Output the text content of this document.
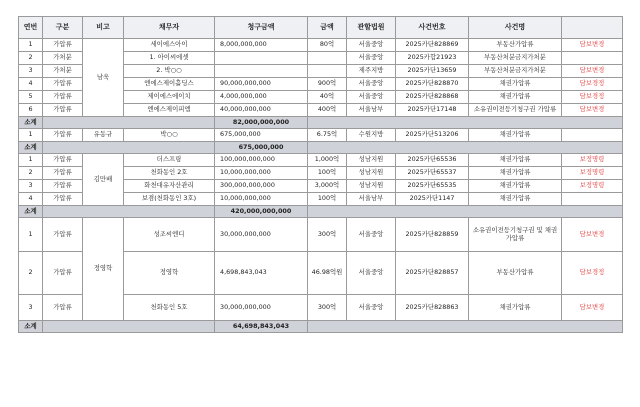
연번	구분	비고	채무자	청구금액	금액	관할법원	사건번호	사건명	
1	가압류	남욱	세이에스아이	8,000,000,000	80억	서울중앙	2025카단828869	부동산가압류	담보변경
2	가처분		1. 아이씨에셋			서울중앙	2025카합21923	부동산처분금지가처분	
3	가처분		2. 박○○			제주지방	2025카단13659	부동산처분금지가처분	담보변경
4	가압류		엔에스제이홀딩스	90,000,000,000	900억	서울중앙	2025카단828870	채권가압류	담보경정
5	가압류		제이에스에이치	4,000,000,000	40억	서울중앙	2025카단828868	채권가압류	담보경정
6	가압류		엔에스제이피엠	40,000,000,000	400억	서울남부	2025카단17148	소유권이전등기청구권 가압류	담보변경
소계				82,000,000,000					
1	가압류	유동규	박○○	675,000,000	6.75억	수원지방	2025카단513206	채권가압류	
소계				675,000,000					
1	가압류	김만배	더스프링	100,000,000,000	1,000억	성남지원	2025카단65536	채권가압류	보정명령
2	가압류		천화동인 2호	10,000,000,000	100억	성남지원	2025카단65537	채권가압류	보정명령
3	가압류		화천대유자산관리	300,000,000,000	3,000억	성남지원	2025카단65535	채권가압류	보정명령
4	가압류		보겸(천화동인 3호)	10,000,000,000	100억	서울남부	2025카단1147	채권가압류	
소계				420,000,000,000					
1	가압류	정영학	성조씨엔디	30,000,000,000	300억	서울중앙	2025카단828859	소유권이전등기청구권 및 채권가압류	담보변경
2	가압류		정영학	4,698,843,043	46.98억원	서울중앙	2025카단828857	부동산가압류	담보경정
3	가압류		천화동인 5호	30,000,000,000	300억	서울중앙	2025카단828863	채권가압류	담보변경
소계				64,698,843,043					
